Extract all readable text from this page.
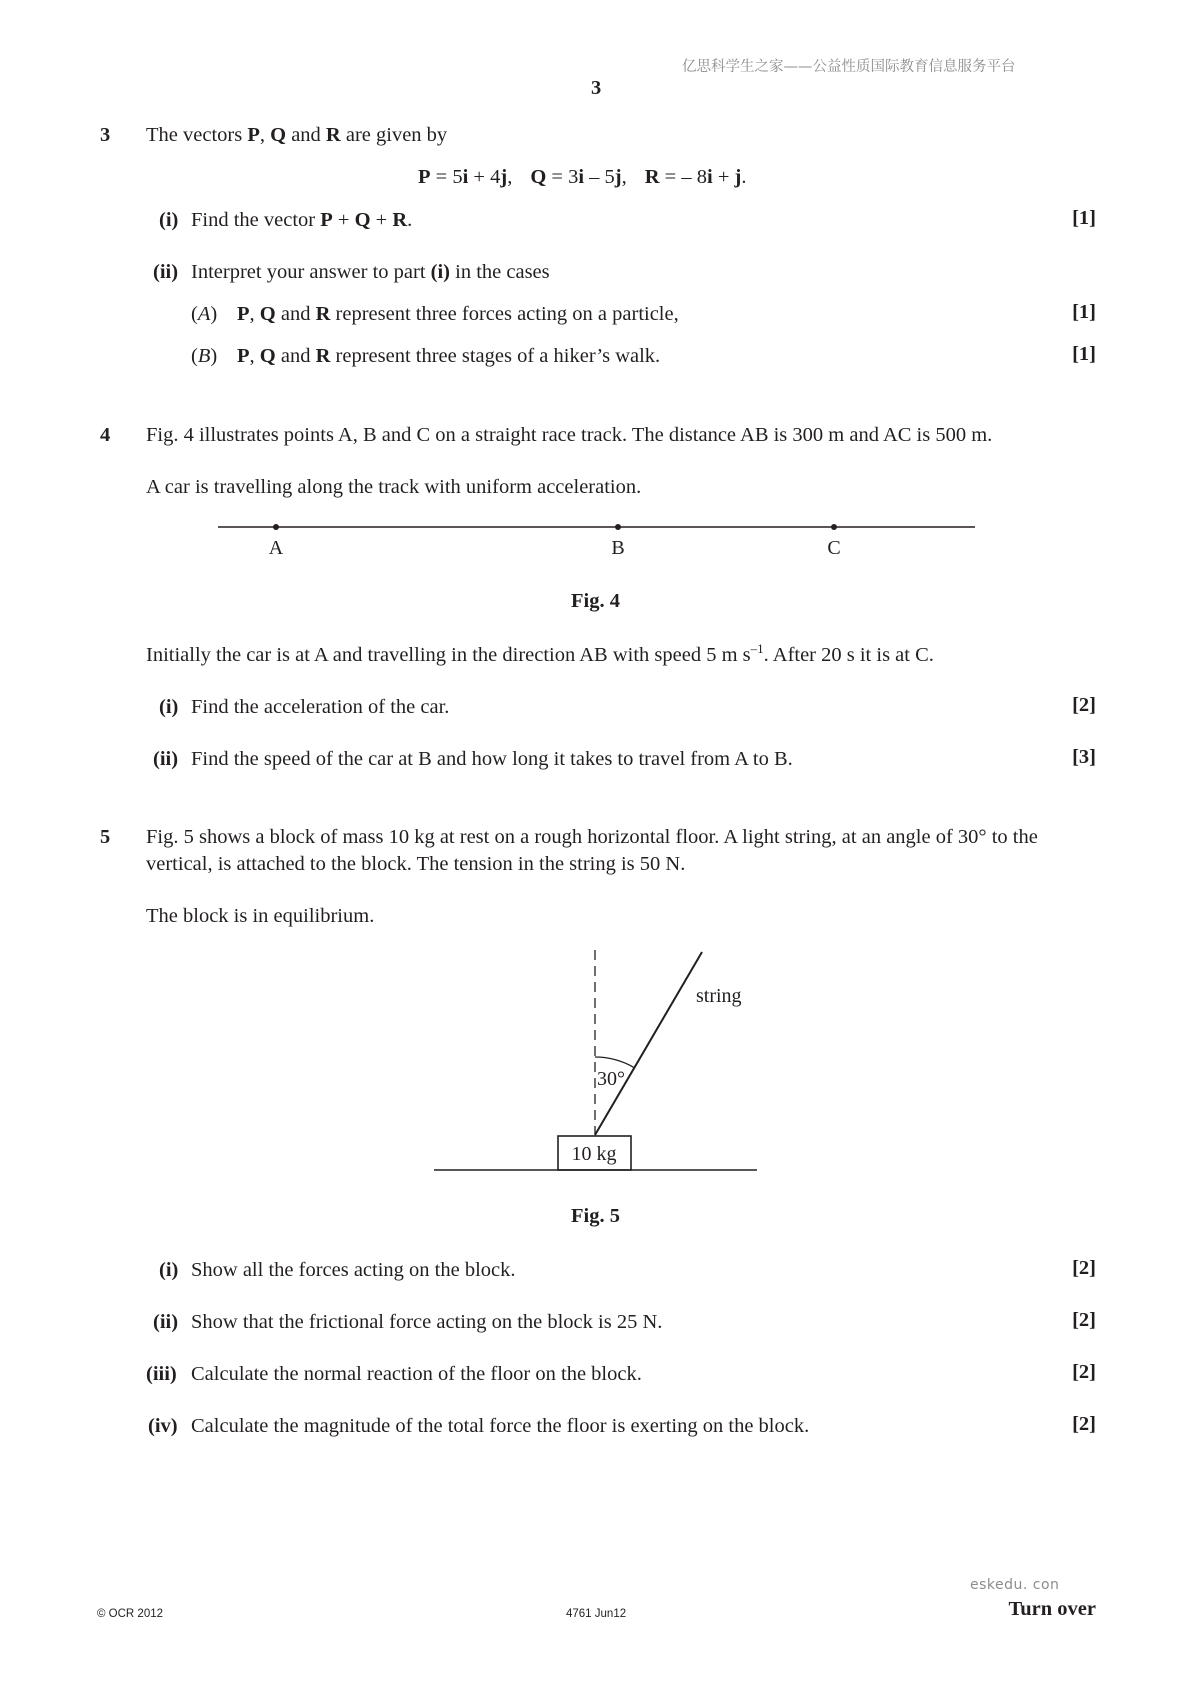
亿思科学生之家——公益性质国际教育信息服务平台
3
3 The vectors P, Q and R are given by
P = 5i + 4j, Q = 3i – 5j, R = – 8i + j.
(i) Find the vector P + Q + R.	[1]
(ii) Interpret your answer to part (i) in the cases
(A) P, Q and R represent three forces acting on a particle,	[1]
(B) P, Q and R represent three stages of a hiker’s walk.	[1]
4 Fig. 4 illustrates points A, B and C on a straight race track. The distance AB is 300 m and AC is 500 m.
A car is travelling along the track with uniform acceleration.
A	B	C
Fig. 4
Initially the car is at A and travelling in the direction AB with speed 5 m $s^{-1}$. After 20 s it is at C.
(i) Find the acceleration of the car.	[2]
(ii) Find the speed of the car at B and how long it takes to travel from A to B.	[3]
5 Fig. 5 shows a block of mass 10 kg at rest on a rough horizontal floor. A light string, at an angle of 30° to the
vertical, is attached to the block. The tension in the string is 50 N.
The block is in equilibrium.
string
30°
10 kg
Fig. 5
(i) Show all the forces acting on the block.	[2]
(ii) Show that the frictional force acting on the block is 25 N.	[2]
(iii) Calculate the normal reaction of the floor on the block.	[2]
(iv) Calculate the magnitude of the total force the floor is exerting on the block.	[2]
eskedu. con
© OCR 2012	4761 Jun12	Turn over
